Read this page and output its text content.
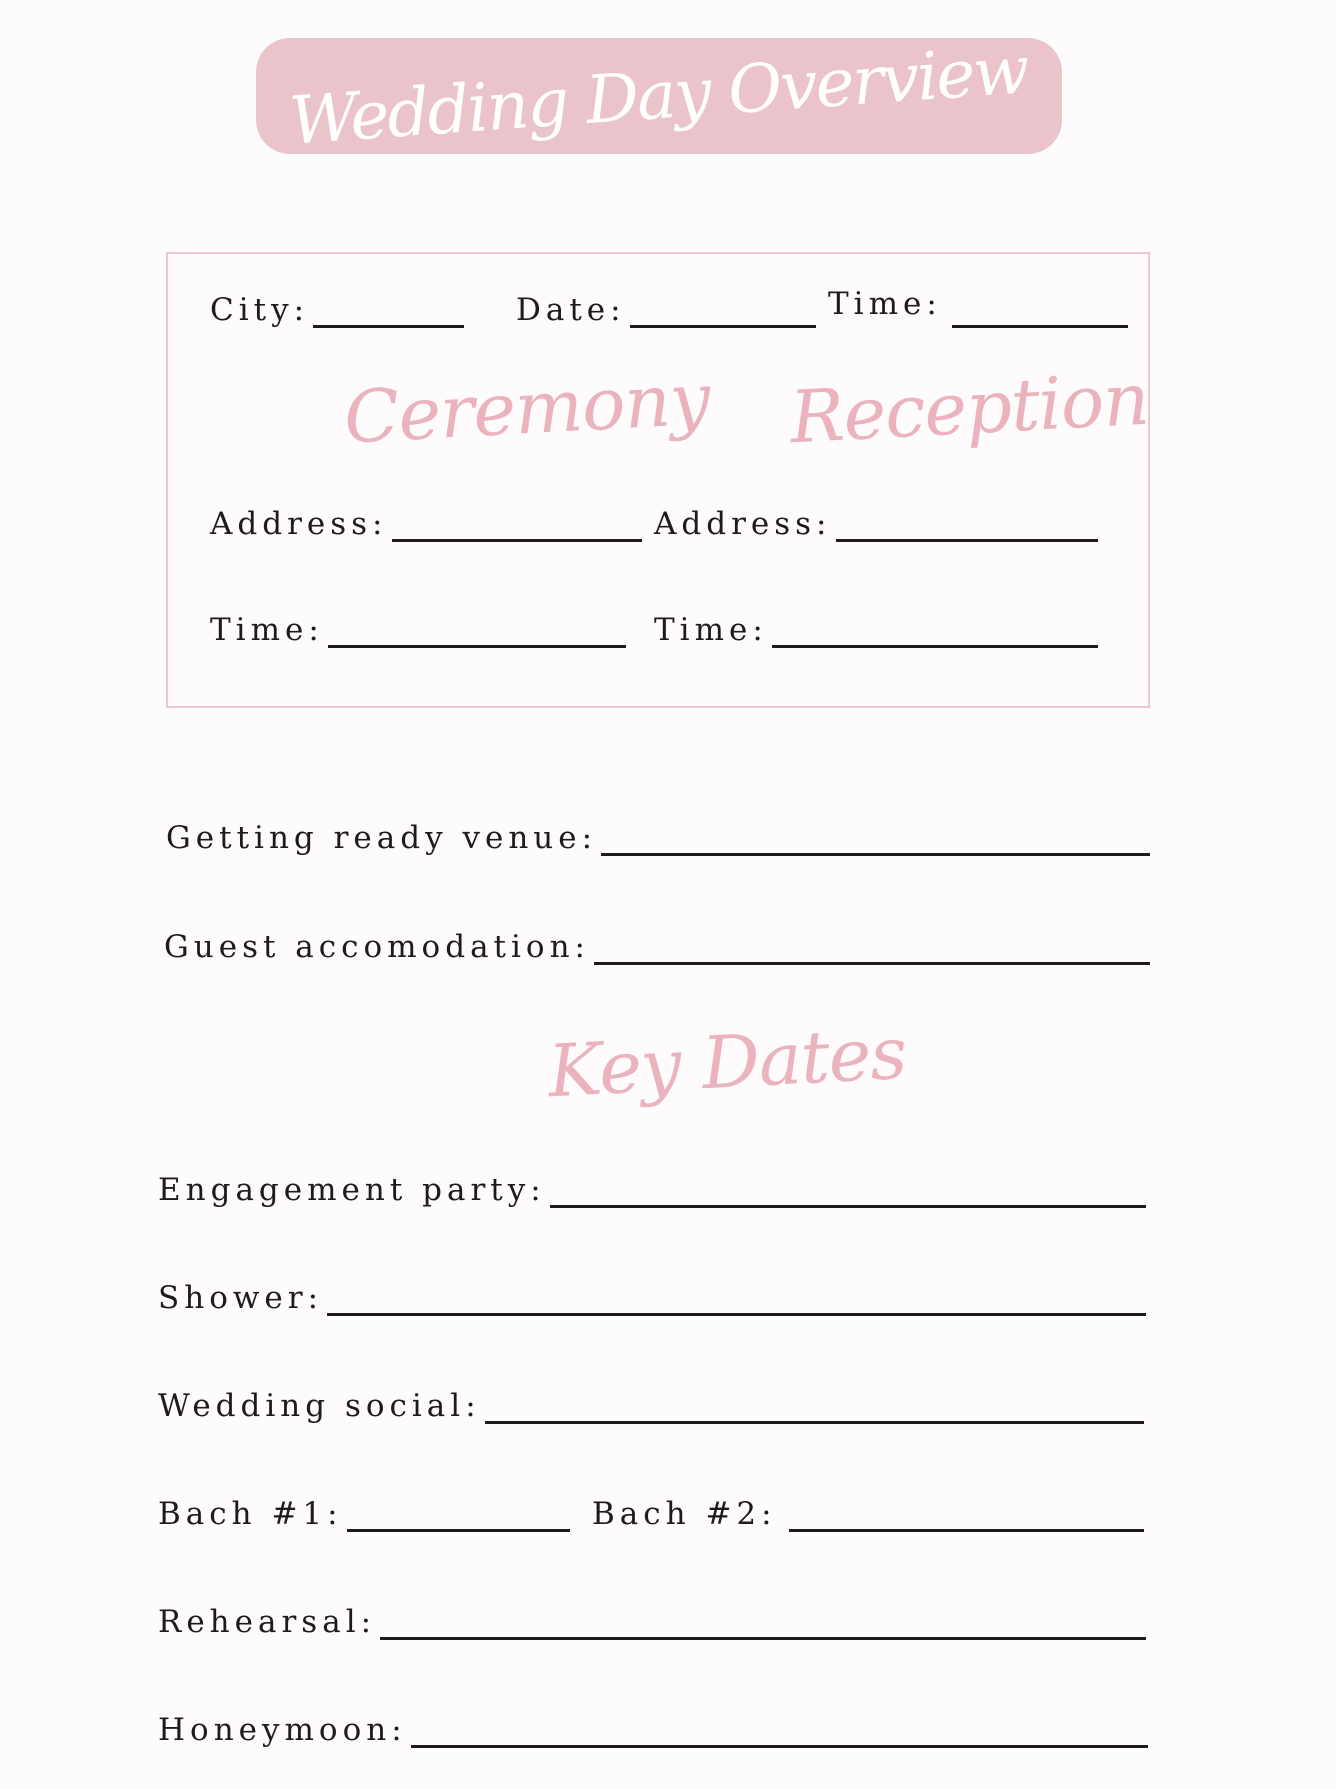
Wedding Day Overview
City:	Date:	Time:
Ceremony Reception
Address:	Address:
Time:	Time:
Getting ready venue:
Guest accomodation:
Key Dates
Engagement party:
Shower:
Wedding social:
Bach #1:	Bach #2:
Rehearsal:
Honeymoon:
